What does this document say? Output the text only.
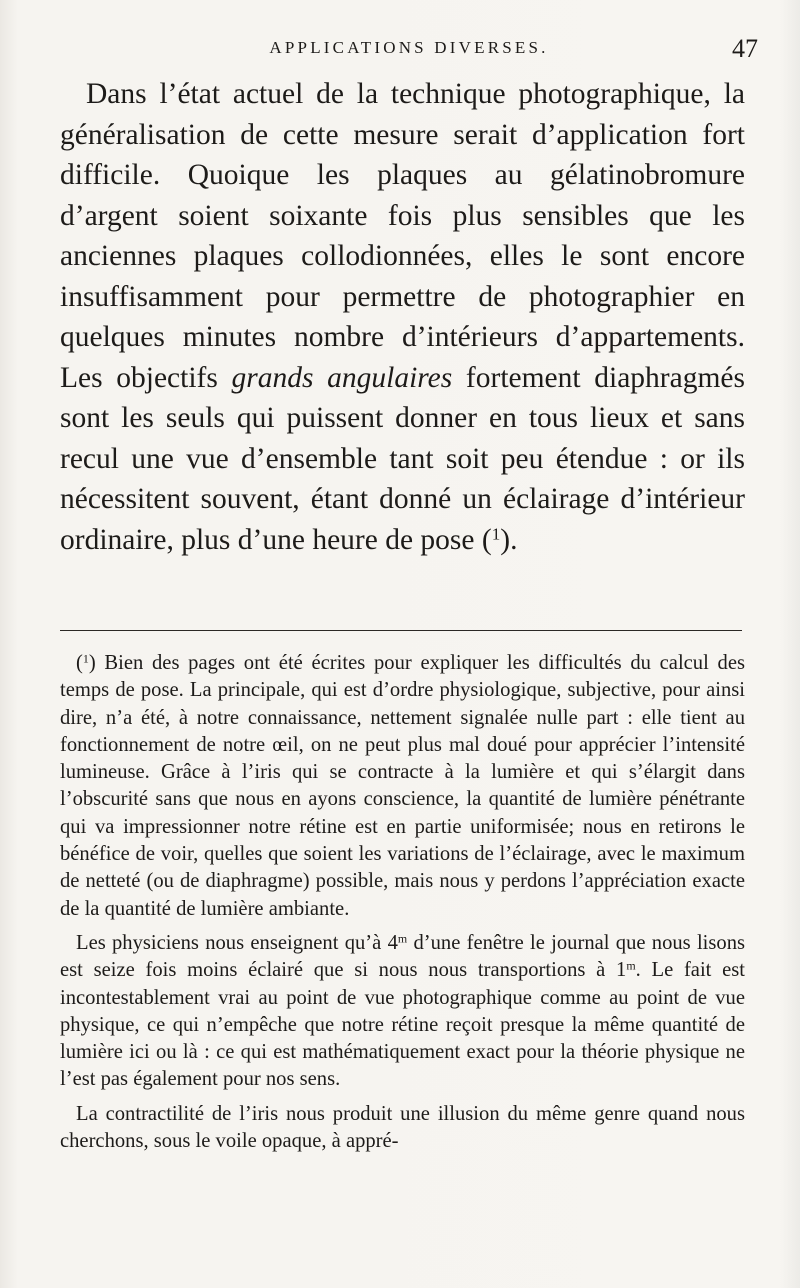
APPLICATIONS DIVERSES.	47

Dans l’état actuel de la technique photographique, la généralisation de cette mesure serait d’application fort difficile. Quoique les plaques au gélatinobromure d’argent soient soixante fois plus sensibles que les anciennes plaques collodionnées, elles le sont encore insuffisamment pour permettre de photographier en quelques minutes nombre d’intérieurs d’appartements. Les objectifs grands angulaires fortement diaphragmés sont les seuls qui puissent donner en tous lieux et sans recul une vue d’ensemble tant soit peu étendue : or ils nécessitent souvent, étant donné un éclairage d’intérieur ordinaire, plus d’une heure de pose ($^1$).

($^1$) Bien des pages ont été écrites pour expliquer les difficultés du calcul des temps de pose. La principale, qui est d’ordre physiologique, subjective, pour ainsi dire, n’a été, à notre connaissance, nettement signalée nulle part : elle tient au fonctionnement de notre œil, on ne peut plus mal doué pour apprécier l’intensité lumineuse. Grâce à l’iris qui se contracte à la lumière et qui s’élargit dans l’obscurité sans que nous en ayons conscience, la quantité de lumière pénétrante qui va impressionner notre rétine est en partie uniformisée; nous en retirons le bénéfice de voir, quelles que soient les variations de l’éclairage, avec le maximum de netteté (ou de diaphragme) possible, mais nous y perdons l’appréciation exacte de la quantité de lumière ambiante.

Les physiciens nous enseignent qu’à 4$^m$ d’une fenêtre le journal que nous lisons est seize fois moins éclairé que si nous nous transportions à 1$^m$. Le fait est incontestablement vrai au point de vue photographique comme au point de vue physique, ce qui n’empêche que notre rétine reçoit presque la même quantité de lumière ici ou là : ce qui est mathématiquement exact pour la théorie physique ne l’est pas également pour nos sens.

La contractilité de l’iris nous produit une illusion du même genre quand nous cherchons, sous le voile opaque, à appré-
